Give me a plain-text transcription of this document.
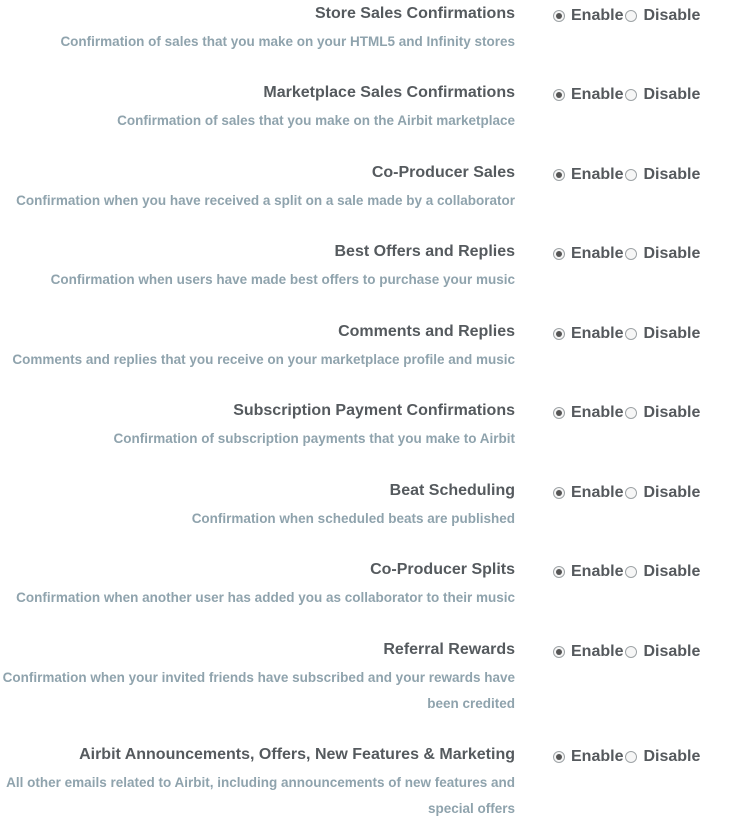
Store Sales Confirmations
Confirmation of sales that you make on your HTML5 and Infinity stores
Enable Disable
Marketplace Sales Confirmations
Confirmation of sales that you make on the Airbit marketplace
Enable Disable
Co-Producer Sales
Confirmation when you have received a split on a sale made by a collaborator
Enable Disable
Best Offers and Replies
Confirmation when users have made best offers to purchase your music
Enable Disable
Comments and Replies
Comments and replies that you receive on your marketplace profile and music
Enable Disable
Subscription Payment Confirmations
Confirmation of subscription payments that you make to Airbit
Enable Disable
Beat Scheduling
Confirmation when scheduled beats are published
Enable Disable
Co-Producer Splits
Confirmation when another user has added you as collaborator to their music
Enable Disable
Referral Rewards
Confirmation when your invited friends have subscribed and your rewards have been credited
Enable Disable
Airbit Announcements, Offers, New Features & Marketing
All other emails related to Airbit, including announcements of new features and special offers
Enable Disable
